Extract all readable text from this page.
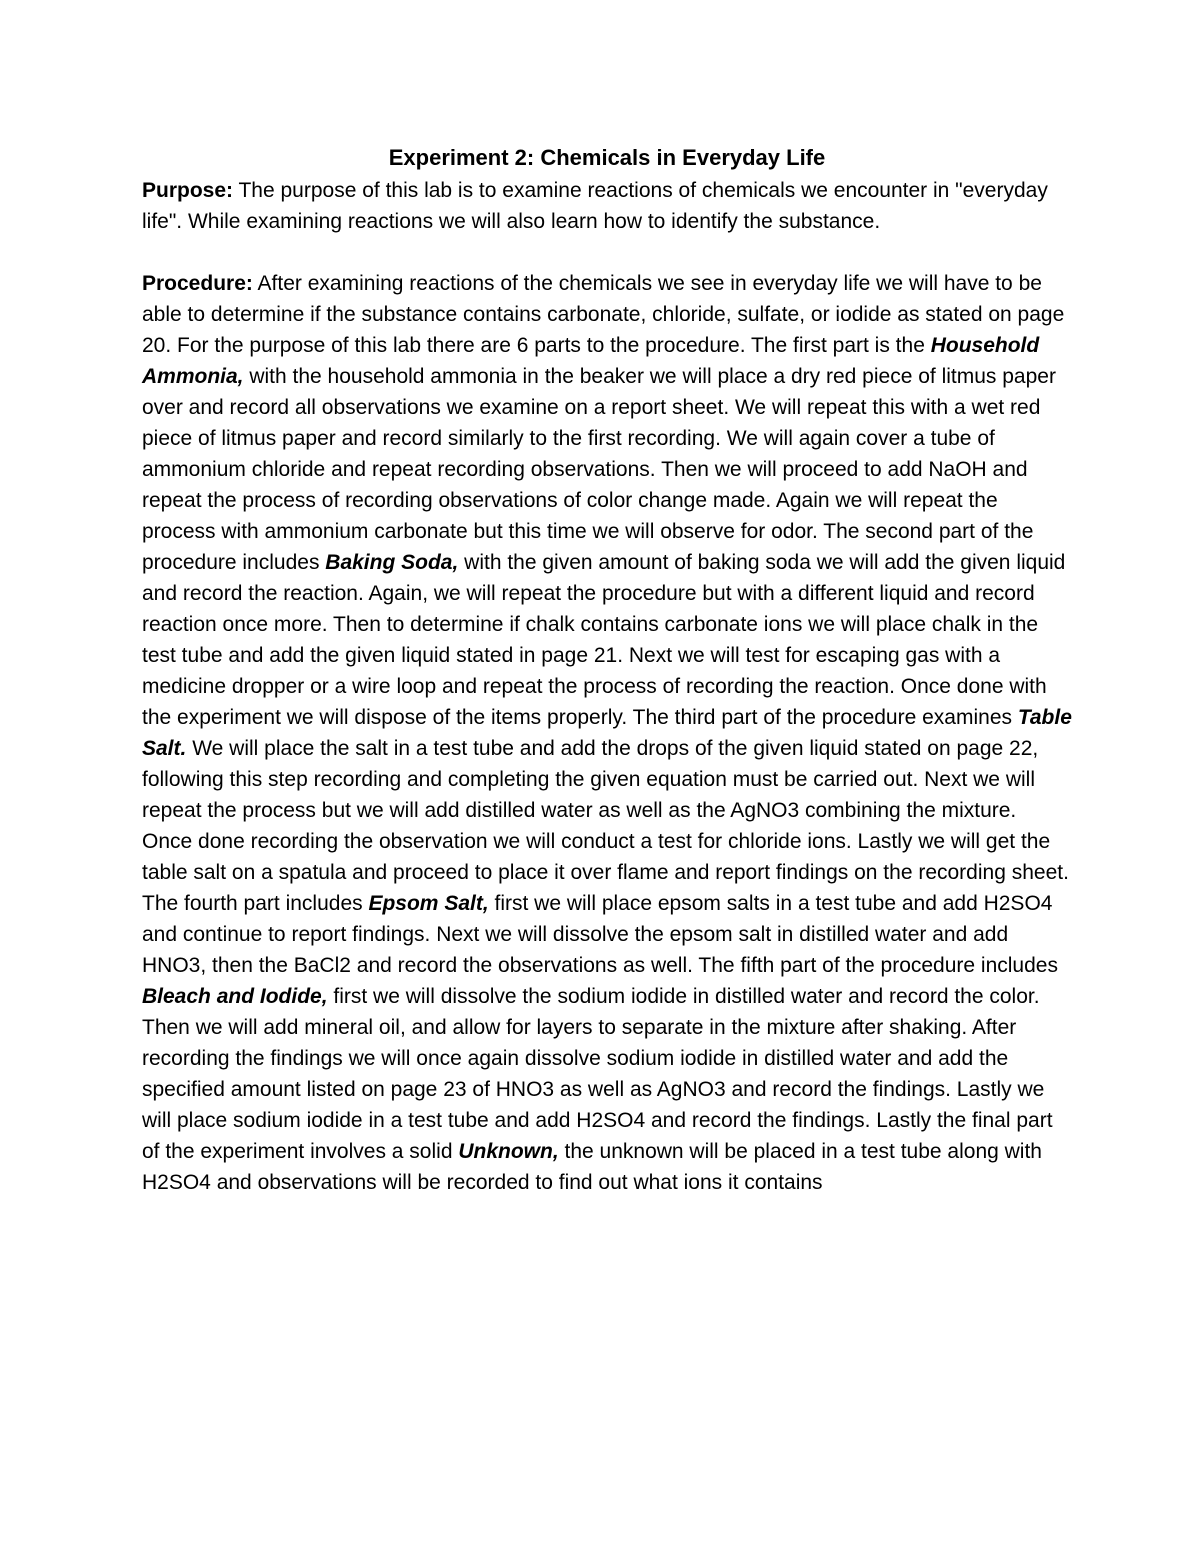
Experiment 2: Chemicals in Everyday Life

Purpose: The purpose of this lab is to examine reactions of chemicals we encounter in "everyday life". While examining reactions we will also learn how to identify the substance.

Procedure: After examining reactions of the chemicals we see in everyday life we will have to be able to determine if the substance contains carbonate, chloride, sulfate, or iodide as stated on page 20. For the purpose of this lab there are 6 parts to the procedure. The first part is the Household Ammonia, with the household ammonia in the beaker we will place a dry red piece of litmus paper over and record all observations we examine on a report sheet. We will repeat this with a wet red piece of litmus paper and record similarly to the first recording. We will again cover a tube of ammonium chloride and repeat recording observations. Then we will proceed to add NaOH and repeat the process of recording observations of color change made. Again we will repeat the process with ammonium carbonate but this time we will observe for odor. The second part of the procedure includes Baking Soda, with the given amount of baking soda we will add the given liquid and record the reaction. Again, we will repeat the procedure but with a different liquid and record reaction once more. Then to determine if chalk contains carbonate ions we will place chalk in the test tube and add the given liquid stated in page 21. Next we will test for escaping gas with a medicine dropper or a wire loop and repeat the process of recording the reaction. Once done with the experiment we will dispose of the items properly. The third part of the procedure examines Table Salt. We will place the salt in a test tube and add the drops of the given liquid stated on page 22, following this step recording and completing the given equation must be carried out. Next we will repeat the process but we will add distilled water as well as the AgNO3 combining the mixture. Once done recording the observation we will conduct a test for chloride ions. Lastly we will get the table salt on a spatula and proceed to place it over flame and report findings on the recording sheet. The fourth part includes Epsom Salt, first we will place epsom salts in a test tube and add H2SO4 and continue to report findings. Next we will dissolve the epsom salt in distilled water and add HNO3, then the BaCl2 and record the observations as well. The fifth part of the procedure includes Bleach and Iodide, first we will dissolve the sodium iodide in distilled water and record the color. Then we will add mineral oil, and allow for layers to separate in the mixture after shaking. After recording the findings we will once again dissolve sodium iodide in distilled water and add the specified amount listed on page 23 of HNO3 as well as AgNO3 and record the findings. Lastly we will place sodium iodide in a test tube and add H2SO4 and record the findings. Lastly the final part of the experiment involves a solid Unknown, the unknown will be placed in a test tube along with H2SO4 and observations will be recorded to find out what ions it contains
